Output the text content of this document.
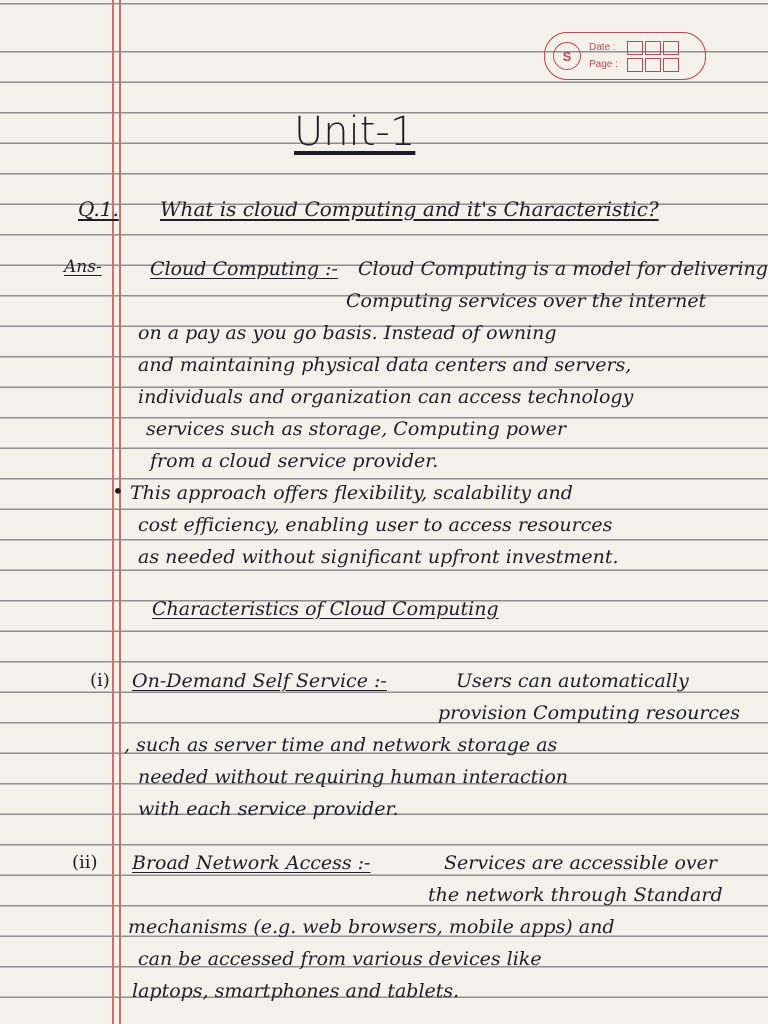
S
Date :
Page :
Unit-1
Q.1. What is cloud Computing and it's Characteristic?
Ans-	Cloud Computing :- Cloud Computing is a model for delivering
Computing services over the internet
on a pay as you go basis. Instead of owning
and maintaining physical data centers and servers,
individuals and organization can access technology
services such as storage, Computing power
from a cloud service provider.
• This approach offers flexibility, scalability and
cost efficiency, enabling user to access resources
as needed without significant upfront investment.
Characteristics of Cloud Computing
(i) On-Demand Self Service :-	Users can automatically
provision Computing resources
, such as server time and network storage as
needed without requiring human interaction
with each service provider.
(ii) Broad Network Access :-	Services are accessible over
the network through Standard
mechanisms (e.g. web browsers, mobile apps) and
can be accessed from various devices like
laptops, smartphones and tablets.
